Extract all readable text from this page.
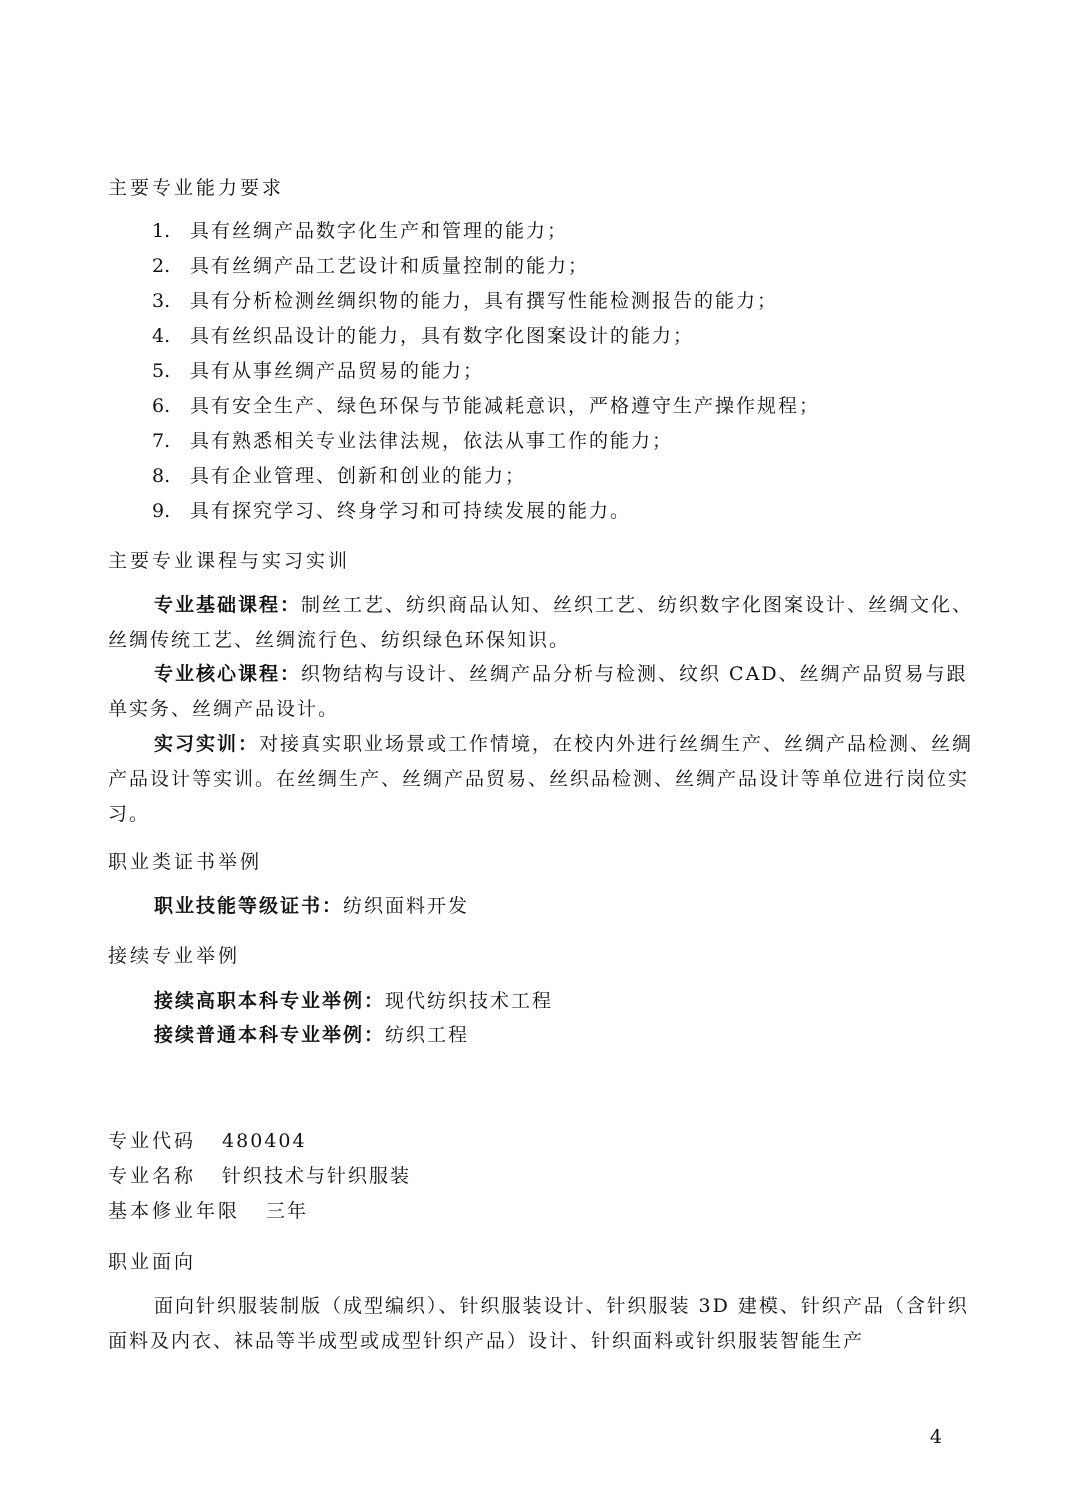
主要专业能力要求
1. 具有丝绸产品数字化生产和管理的能力；
2. 具有丝绸产品工艺设计和质量控制的能力；
3. 具有分析检测丝绸织物的能力，具有撰写性能检测报告的能力；
4. 具有丝织品设计的能力，具有数字化图案设计的能力；
5. 具有从事丝绸产品贸易的能力；
6. 具有安全生产、绿色环保与节能减耗意识，严格遵守生产操作规程；
7. 具有熟悉相关专业法律法规，依法从事工作的能力；
8. 具有企业管理、创新和创业的能力；
9. 具有探究学习、终身学习和可持续发展的能力。
主要专业课程与实习实训
专业基础课程：制丝工艺、纺织商品认知、丝织工艺、纺织数字化图案设计、丝绸文化、丝绸传统工艺、丝绸流行色、纺织绿色环保知识。
专业核心课程：织物结构与设计、丝绸产品分析与检测、纹织 CAD、丝绸产品贸易与跟单实务、丝绸产品设计。
实习实训：对接真实职业场景或工作情境，在校内外进行丝绸生产、丝绸产品检测、丝绸产品设计等实训。在丝绸生产、丝绸产品贸易、丝织品检测、丝绸产品设计等单位进行岗位实习。
职业类证书举例
职业技能等级证书：纺织面料开发
接续专业举例
接续高职本科专业举例：现代纺织技术工程
接续普通本科专业举例：纺织工程
专业代码 480404
专业名称 针织技术与针织服装
基本修业年限 三年
职业面向
面向针织服装制版（成型编织）、针织服装设计、针织服装 3D 建模、针织产品（含针织面料及内衣、袜品等半成型或成型针织产品）设计、针织面料或针织服装智能生产
4
